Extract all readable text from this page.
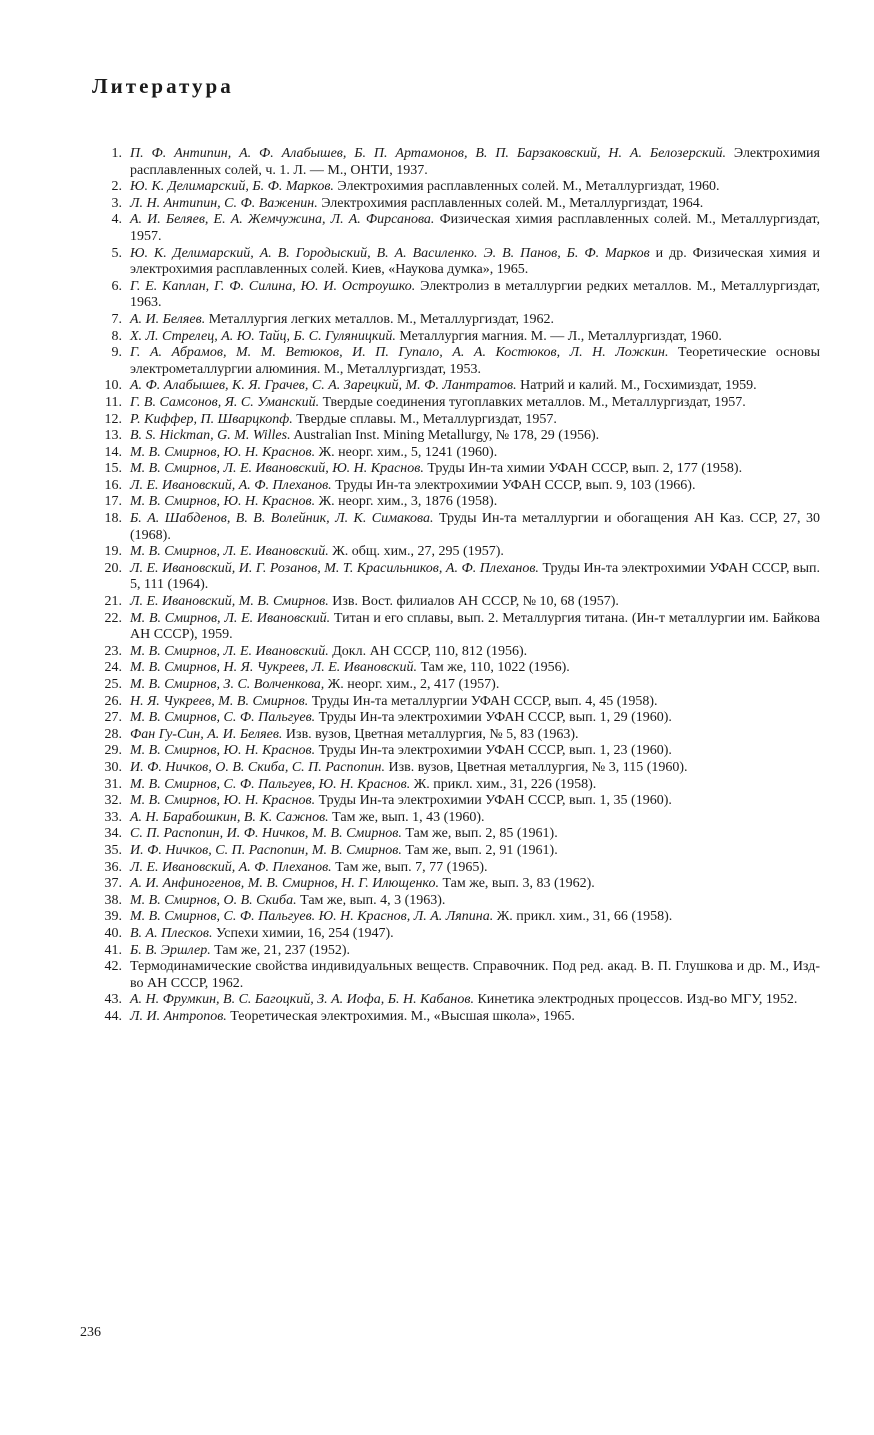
Литература
1. П. Ф. Антипин, А. Ф. Алабышев, Б. П. Артамонов, В. П. Барзаковский, Н. А. Белозерский. Электрохимия расплавленных солей, ч. 1. Л. — М., ОНТИ, 1937.
2. Ю. К. Делимарский, Б. Ф. Марков. Электрохимия расплавленных солей. М., Металлургиздат, 1960.
3. Л. Н. Антипин, С. Ф. Важенин. Электрохимия расплавленных солей. М., Металлургиздат, 1964.
4. А. И. Беляев, Е. А. Жемчужина, Л. А. Фирсанова. Физическая химия расплавленных солей. М., Металлургиздат, 1957.
5. Ю. К. Делимарский, А. В. Городыский, В. А. Василенко. Э. В. Панов, Б. Ф. Марков и др. Физическая химия и электрохимия расплавленных солей. Киев, «Наукова думка», 1965.
6. Г. Е. Каплан, Г. Ф. Силина, Ю. И. Остроушко. Электролиз в металлургии редких металлов. М., Металлургиздат, 1963.
7. А. И. Беляев. Металлургия легких металлов. М., Металлургиздат, 1962.
8. Х. Л. Стрелец, А. Ю. Тайц, Б. С. Гуляницкий. Металлургия магния. М. — Л., Металлургиздат, 1960.
9. Г. А. Абрамов, М. М. Ветюков, И. П. Гупало, А. А. Костюков, Л. Н. Ложкин. Теоретические основы электрометаллургии алюминия. М., Металлургиздат, 1953.
10. А. Ф. Алабышев, К. Я. Грачев, С. А. Зарецкий, М. Ф. Лантратов. Натрий и калий. М., Госхимиздат, 1959.
11. Г. В. Самсонов, Я. С. Уманский. Твердые соединения тугоплавких металлов. М., Металлургиздат, 1957.
12. Р. Киффер, П. Шварцкопф. Твердые сплавы. М., Металлургиздат, 1957.
13. B. S. Hickman, G. M. Willes. Australian Inst. Mining Metallurgy, № 178, 29 (1956).
14. М. В. Смирнов, Ю. Н. Краснов. Ж. неорг. хим., 5, 1241 (1960).
15. М. В. Смирнов, Л. Е. Ивановский, Ю. Н. Краснов. Труды Ин-та химии УФАН СССР, вып. 2, 177 (1958).
16. Л. Е. Ивановский, А. Ф. Плеханов. Труды Ин-та электрохимии УФАН СССР, вып. 9, 103 (1966).
17. М. В. Смирнов, Ю. Н. Краснов. Ж. неорг. хим., 3, 1876 (1958).
18. Б. А. Шабденов, В. В. Волейник, Л. К. Симакова. Труды Ин-та металлургии и обогащения АН Каз. ССР, 27, 30 (1968).
19. М. В. Смирнов, Л. Е. Ивановский. Ж. общ. хим., 27, 295 (1957).
20. Л. Е. Ивановский, И. Г. Розанов, М. Т. Красильников, А. Ф. Плеханов. Труды Ин-та электрохимии УФАН СССР, вып. 5, 111 (1964).
21. Л. Е. Ивановский, М. В. Смирнов. Изв. Вост. филиалов АН СССР, № 10, 68 (1957).
22. М. В. Смирнов, Л. Е. Ивановский. Титан и его сплавы, вып. 2. Металлургия титана. (Ин-т металлургии им. Байкова АН СССР), 1959.
23. М. В. Смирнов, Л. Е. Ивановский. Докл. АН СССР, 110, 812 (1956).
24. М. В. Смирнов, Н. Я. Чукреев, Л. Е. Ивановский. Там же, 110, 1022 (1956).
25. М. В. Смирнов, З. С. Волченкова, Ж. неорг. хим., 2, 417 (1957).
26. Н. Я. Чукреев, М. В. Смирнов. Труды Ин-та металлургии УФАН СССР, вып. 4, 45 (1958).
27. М. В. Смирнов, С. Ф. Пальгуев. Труды Ин-та электрохимии УФАН СССР, вып. 1, 29 (1960).
28. Фан Гу-Син, А. И. Беляев. Изв. вузов, Цветная металлургия, № 5, 83 (1963).
29. М. В. Смирнов, Ю. Н. Краснов. Труды Ин-та электрохимии УФАН СССР, вып. 1, 23 (1960).
30. И. Ф. Ничков, О. В. Скиба, С. П. Распопин. Изв. вузов, Цветная металлургия, № 3, 115 (1960).
31. М. В. Смирнов, С. Ф. Пальгуев, Ю. Н. Краснов. Ж. прикл. хим., 31, 226 (1958).
32. М. В. Смирнов, Ю. Н. Краснов. Труды Ин-та электрохимии УФАН СССР, вып. 1, 35 (1960).
33. А. Н. Барабошкин, В. К. Сажнов. Там же, вып. 1, 43 (1960).
34. С. П. Распопин, И. Ф. Ничков, М. В. Смирнов. Там же, вып. 2, 85 (1961).
35. И. Ф. Ничков, С. П. Распопин, М. В. Смирнов. Там же, вып. 2, 91 (1961).
36. Л. Е. Ивановский, А. Ф. Плеханов. Там же, вып. 7, 77 (1965).
37. А. И. Анфиногенов, М. В. Смирнов, Н. Г. Илющенко. Там же, вып. 3, 83 (1962).
38. М. В. Смирнов, О. В. Скиба. Там же, вып. 4, 3 (1963).
39. М. В. Смирнов, С. Ф. Пальгуев. Ю. Н. Краснов, Л. А. Ляпина. Ж. прикл. хим., 31, 66 (1958).
40. В. А. Плесков. Успехи химии, 16, 254 (1947).
41. Б. В. Эршлер. Там же, 21, 237 (1952).
42. Термодинамические свойства индивидуальных веществ. Справочник. Под ред. акад. В. П. Глушкова и др. М., Изд-во АН СССР, 1962.
43. А. Н. Фрумкин, В. С. Багоцкий, З. А. Иофа, Б. Н. Кабанов. Кинетика электродных процессов. Изд-во МГУ, 1952.
44. Л. И. Антропов. Теоретическая электрохимия. М., «Высшая школа», 1965.

236
